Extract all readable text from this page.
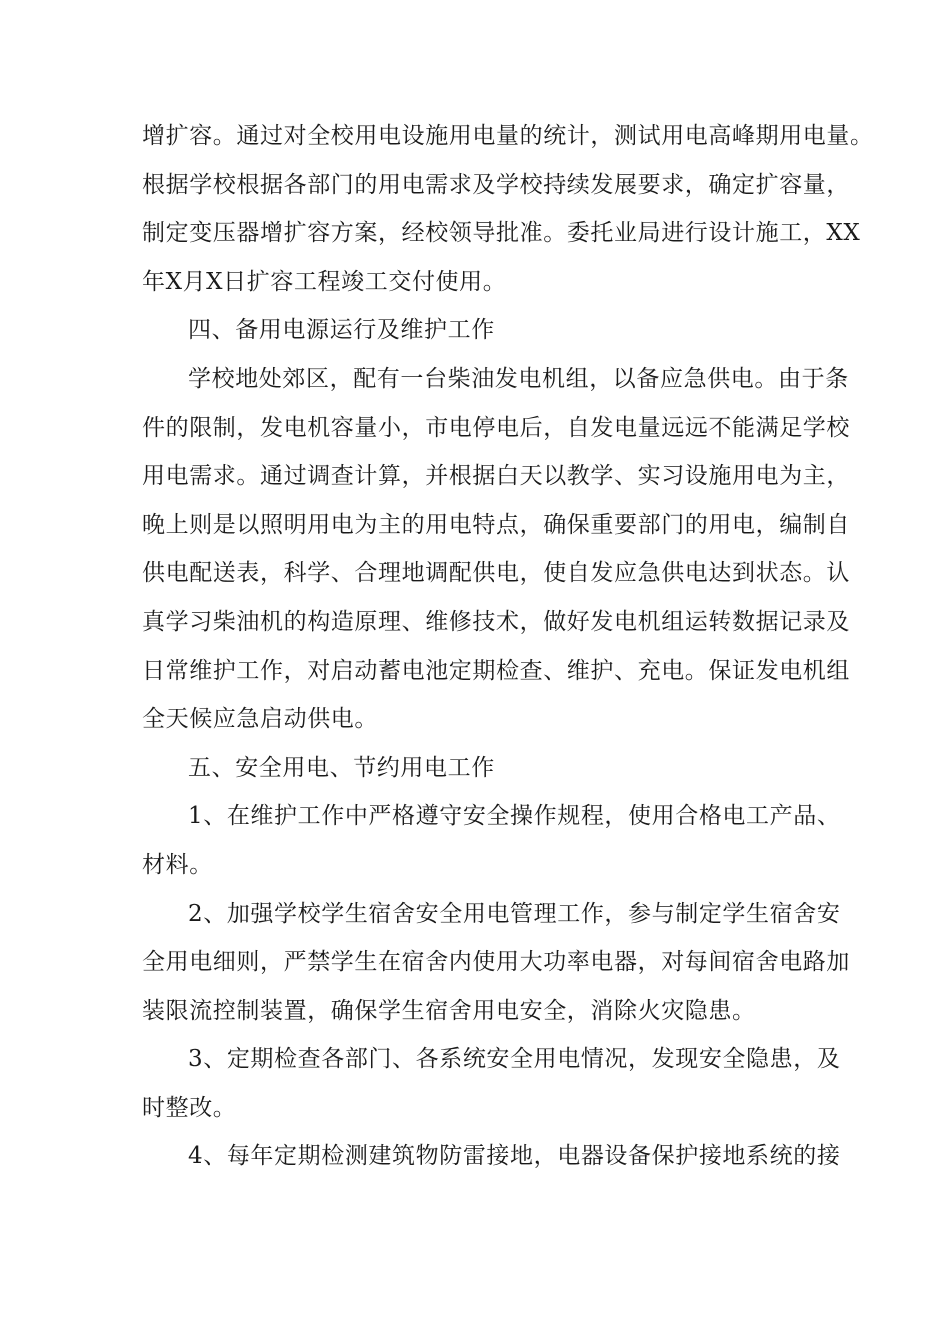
增扩容。通过对全校用电设施用电量的统计，测试用电高峰期用电量。
根据学校根据各部门的用电需求及学校持续发展要求，确定扩容量，
制定变压器增扩容方案，经校领导批准。委托业局进行设计施工，XX
年X月X日扩容工程竣工交付使用。

四、备用电源运行及维护工作

学校地处郊区，配有一台柴油发电机组，以备应急供电。由于条
件的限制，发电机容量小，市电停电后，自发电量远远不能满足学校
用电需求。通过调查计算，并根据白天以教学、实习设施用电为主，
晚上则是以照明用电为主的用电特点，确保重要部门的用电，编制自
供电配送表，科学、合理地调配供电，使自发应急供电达到状态。认
真学习柴油机的构造原理、维修技术，做好发电机组运转数据记录及
日常维护工作，对启动蓄电池定期检查、维护、充电。保证发电机组
全天候应急启动供电。

五、安全用电、节约用电工作

1、在维护工作中严格遵守安全操作规程，使用合格电工产品、
材料。

2、加强学校学生宿舍安全用电管理工作，参与制定学生宿舍安
全用电细则，严禁学生在宿舍内使用大功率电器，对每间宿舍电路加
装限流控制装置，确保学生宿舍用电安全，消除火灾隐患。

3、定期检查各部门、各系统安全用电情况，发现安全隐患，及
时整改。

4、每年定期检测建筑物防雷接地，电器设备保护接地系统的接
